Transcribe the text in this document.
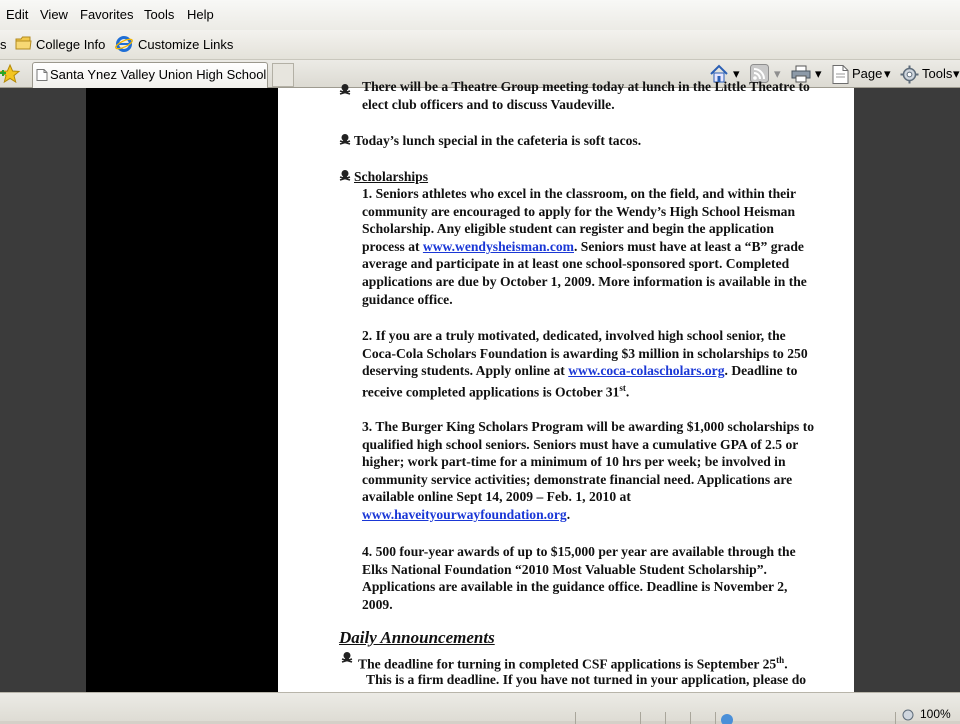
Edit View Favorites Tools Help
s College Info	Customize Links
Santa Ynez Valley Union High School	▾	▾	▾ Page ▾ Tools ▾
There will be a Theatre Group meeting today at lunch in the Little Theatre to
elect club officers and to discuss Vaudeville.
Today’s lunch special in the cafeteria is soft tacos.
Scholarships
1. Seniors athletes who excel in the classroom, on the field, and within their
community are encouraged to apply for the Wendy’s High School Heisman
Scholarship. Any eligible student can register and begin the application
process at www.wendysheisman.com. Seniors must have at least a “B” grade
average and participate in at least one school-sponsored sport. Completed
applications are due by October 1, 2009. More information is available in the
guidance office.
2. If you are a truly motivated, dedicated, involved high school senior, the
Coca-Cola Scholars Foundation is awarding $3 million in scholarships to 250
deserving students. Apply online at www.coca-colascholars.org. Deadline to
receive completed applications is October 31st.
3. The Burger King Scholars Program will be awarding $1,000 scholarships to
qualified high school seniors. Seniors must have a cumulative GPA of 2.5 or
higher; work part-time for a minimum of 10 hrs per week; be involved in
community service activities; demonstrate financial need. Applications are
available online Sept 14, 2009 – Feb. 1, 2010 at
www.haveityourwayfoundation.org.
4. 500 four-year awards of up to $15,000 per year are available through the
Elks National Foundation “2010 Most Valuable Student Scholarship”.
Applications are available in the guidance office. Deadline is November 2,
2009.
Daily Announcements
The deadline for turning in completed CSF applications is September 25th.
This is a firm deadline. If you have not turned in your application, please do
100%
